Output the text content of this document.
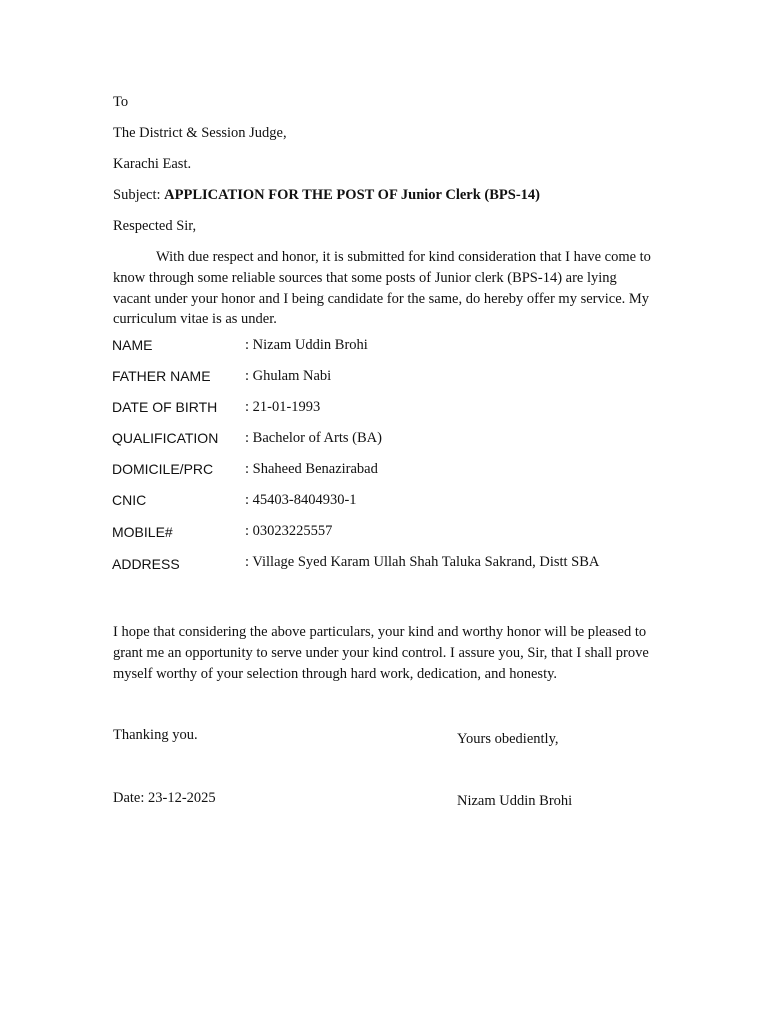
To
The District & Session Judge,
Karachi East.
Subject: APPLICATION FOR THE POST OF Junior Clerk (BPS-14)
Respected Sir,
With due respect and honor, it is submitted for kind consideration that I have come to know through some reliable sources that some posts of Junior clerk (BPS-14) are lying vacant under your honor and I being candidate for the same, do hereby offer my service. My curriculum vitae is as under.
NAME	: Nizam Uddin Brohi
FATHER NAME : Ghulam Nabi
DATE OF BIRTH : 21-01-1993
QUALIFICATION : Bachelor of Arts (BA)
DOMICILE/PRC : Shaheed Benazirabad
CNIC	: 45403-8404930-1
MOBILE#	: 03023225557
ADDRESS	: Village Syed Karam Ullah Shah Taluka Sakrand, Distt SBA
I hope that considering the above particulars, your kind and worthy honor will be pleased to grant me an opportunity to serve under your kind control. I assure you, Sir, that I shall prove myself worthy of your selection through hard work, dedication, and honesty.
Thanking you.	Yours obediently,
Date: 23-12-2025	Nizam Uddin Brohi
